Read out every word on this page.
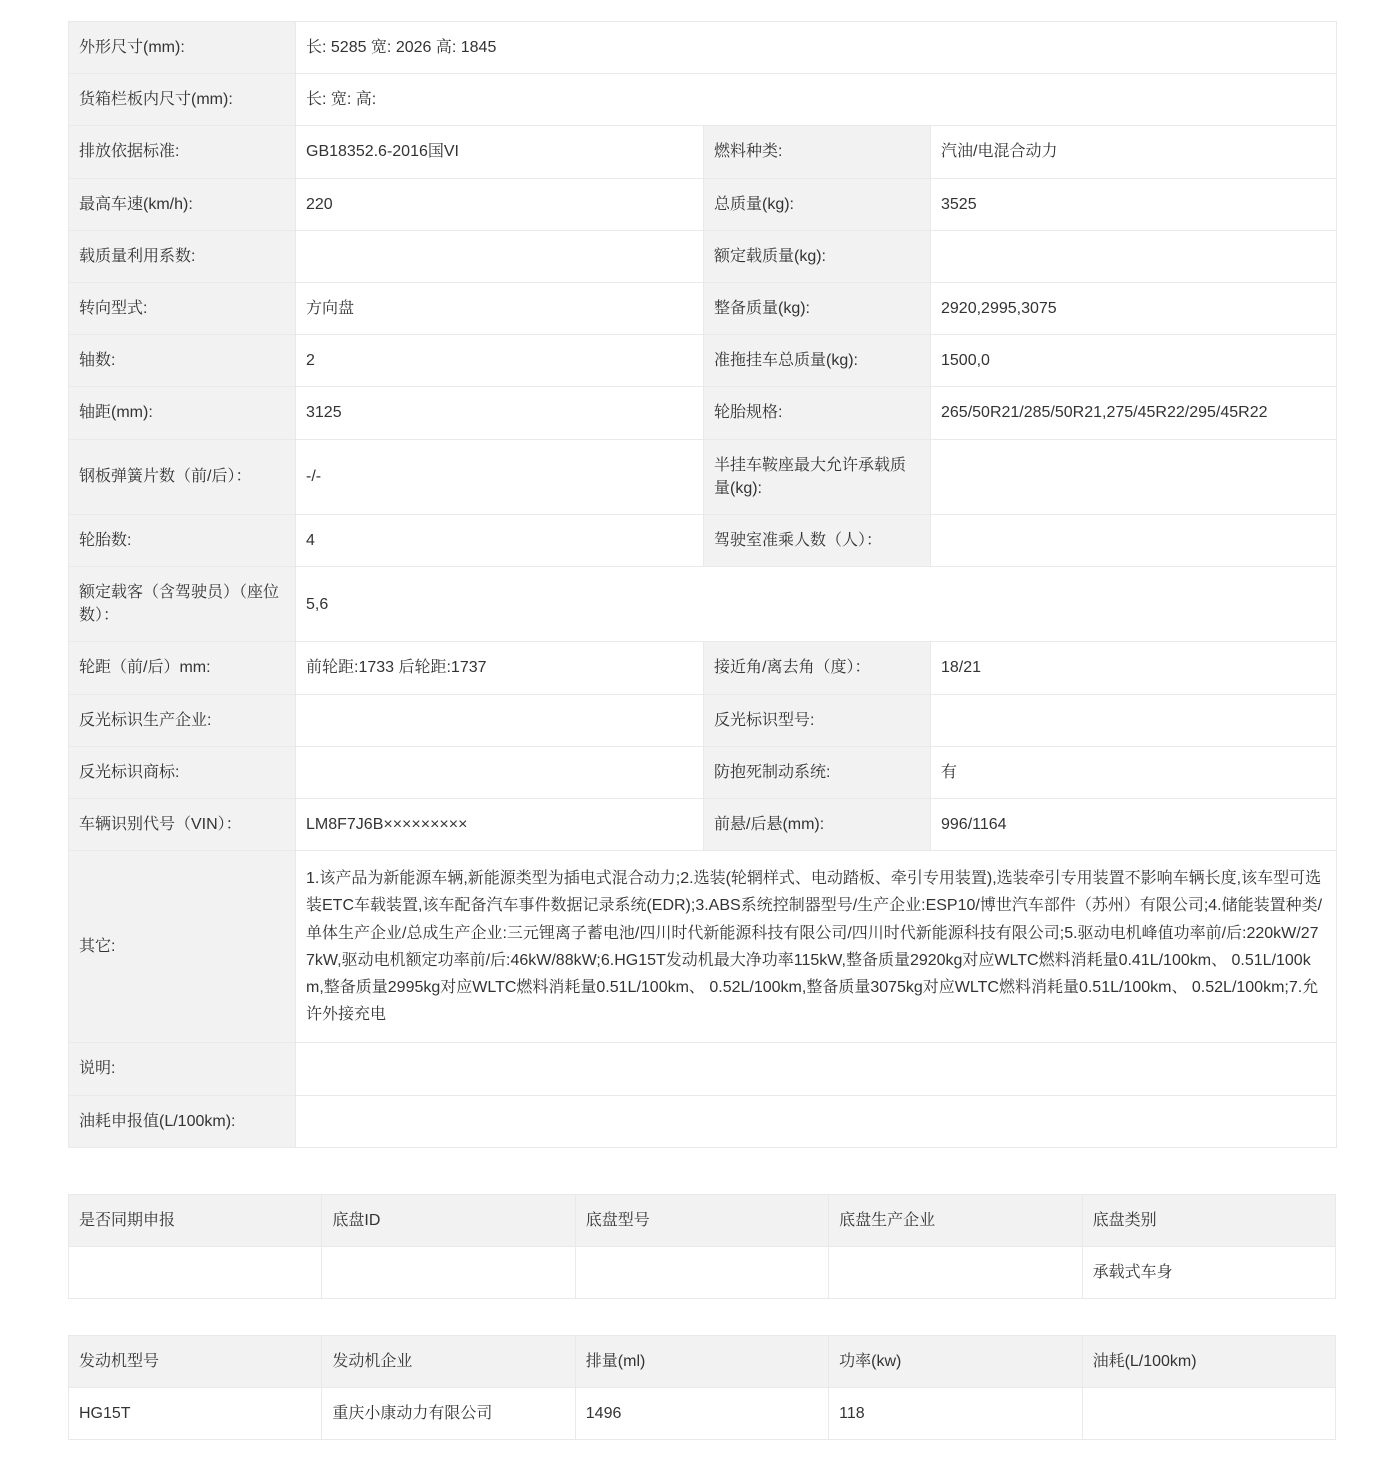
外形尺寸(mm):	长: 5285 宽: 2026 高: 1845		
货箱栏板内尺寸(mm):	长: 宽: 高:		
排放依据标准:	GB18352.6-2016国VI	燃料种类:	汽油/电混合动力
最高车速(km/h):	220	总质量(kg):	3525
载质量利用系数:		额定载质量(kg):	
转向型式:	方向盘	整备质量(kg):	2920,2995,3075
轴数:	2	准拖挂车总质量(kg):	1500,0
轴距(mm):	3125	轮胎规格:	265/50R21/285/50R21,275/45R22/295/45R22
钢板弹簧片数（前/后）：	-/-	半挂车鞍座最大允许承载质量(kg):	
轮胎数:	4	驾驶室准乘人数（人）：	
额定载客（含驾驶员）（座位数）：	5,6		
轮距（前/后）mm:	前轮距:1733 后轮距:1737	接近角/离去角（度）：	18/21
反光标识生产企业:		反光标识型号:	
反光标识商标:		防抱死制动系统:	有
车辆识别代号（VIN）：	LM8F7J6B×××××××××	前悬/后悬(mm):	996/1164
其它:	1.该产品为新能源车辆,新能源类型为插电式混合动力;2.选装(轮辋样式、电动踏板、牵引专用装置),选装牵引专用装置不影响车辆长度,该车型可选装ETC车载装置,该车配备汽车事件数据记录系统(EDR);3.ABS系统控制器型号/生产企业:ESP10/博世汽车部件（苏州）有限公司;4.储能装置种类/单体生产企业/总成生产企业:三元锂离子蓄电池/四川时代新能源科技有限公司/四川时代新能源科技有限公司;5.驱动电机峰值功率前/后:220kW/277kW,驱动电机额定功率前/后:46kW/88kW;6.HG15T发动机最大净功率115kW,整备质量2920kg对应WLTC燃料消耗量0.41L/100km、 0.51L/100km,整备质量2995kg对应WLTC燃料消耗量0.51L/100km、 0.52L/100km,整备质量3075kg对应WLTC燃料消耗量0.51L/100km、 0.52L/100km;7.允许外接充电		
说明:			
油耗申报值(L/100km):			
是否同期申报	底盘ID	底盘型号	底盘生产企业	底盘类别
				承载式车身
发动机型号	发动机企业	排量(ml)	功率(kw)	油耗(L/100km)
HG15T	重庆小康动力有限公司	1496	118	
